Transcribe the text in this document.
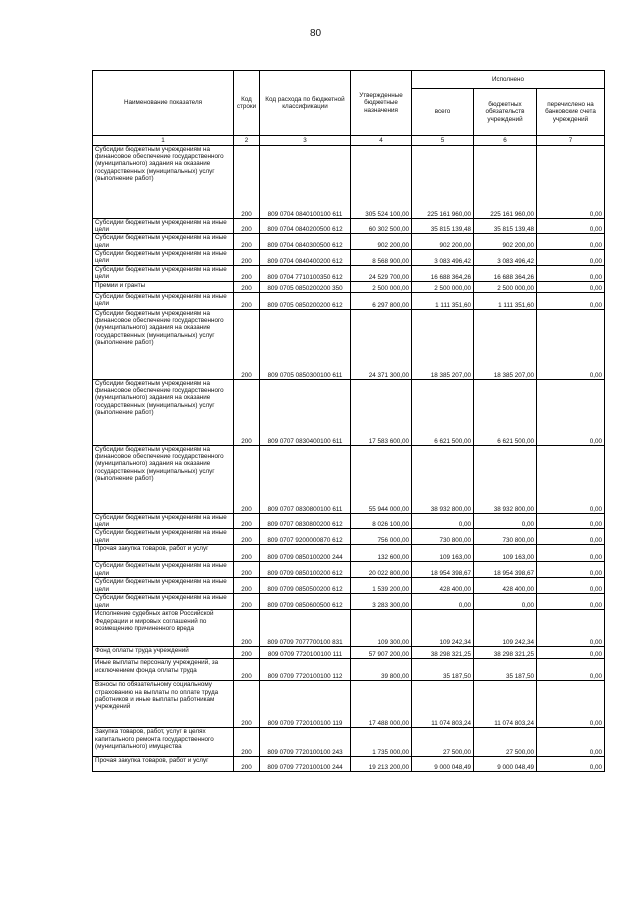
80
Наименование показателя	Код строки	Код расхода по бюджетной классификации	Утвержденные бюджетные назначения	Исполнено		
				всего	бюджетных обязательств учреждений	перечислено на банковские счета учреждений
1	2	3	4	5	6	7
Субсидии бюджетным учреждениям на финансовое обеспечение государственного (муниципального) задания на оказание государственных (муниципальных) услуг (выполнение работ)	200	809 0704 0840100100 611	305 524 100,00	225 161 960,00	225 161 960,00	0,00
Субсидии бюджетным учреждениям на иные цели	200	809 0704 0840200500 612	60 302 500,00	35 815 139,48	35 815 139,48	0,00
Субсидии бюджетным учреждениям на иные цели	200	809 0704 0840300500 612	902 200,00	902 200,00	902 200,00	0,00
Субсидии бюджетным учреждениям на иные цели	200	809 0704 0840400200 612	8 568 900,00	3 083 496,42	3 083 496,42	0,00
Субсидии бюджетным учреждениям на иные цели	200	809 0704 7710100350 612	24 529 700,00	16 688 364,26	16 688 364,26	0,00
Премии и гранты	200	809 0705 0850200200 350	2 500 000,00	2 500 000,00	2 500 000,00	0,00
Субсидии бюджетным учреждениям на иные цели	200	809 0705 0850200200 612	6 297 800,00	1 111 351,60	1 111 351,60	0,00
Субсидии бюджетным учреждениям на финансовое обеспечение государственного (муниципального) задания на оказание государственных (муниципальных) услуг (выполнение работ)	200	809 0705 0850300100 611	24 371 300,00	18 385 207,00	18 385 207,00	0,00
Субсидии бюджетным учреждениям на финансовое обеспечение государственного (муниципального) задания на оказание государственных (муниципальных) услуг (выполнение работ)	200	809 0707 0830400100 611	17 583 600,00	6 621 500,00	6 621 500,00	0,00
Субсидии бюджетным учреждениям на финансовое обеспечение государственного (муниципального) задания на оказание государственных (муниципальных) услуг (выполнение работ)	200	809 0707 0830800100 611	55 944 000,00	38 932 800,00	38 932 800,00	0,00
Субсидии бюджетным учреждениям на иные цели	200	809 0707 0830800200 612	8 026 100,00	0,00	0,00	0,00
Субсидии бюджетным учреждениям на иные цели	200	809 0707 9200000870 612	756 000,00	730 800,00	730 800,00	0,00
Прочая закупка товаров, работ и услуг	200	809 0709 0850100200 244	132 600,00	109 163,00	109 163,00	0,00
Субсидии бюджетным учреждениям на иные цели	200	809 0709 0850100200 612	20 022 800,00	18 954 398,67	18 954 398,67	0,00
Субсидии бюджетным учреждениям на иные цели	200	809 0709 0850500200 612	1 539 200,00	428 400,00	428 400,00	0,00
Субсидии бюджетным учреждениям на иные цели	200	809 0709 0850600500 612	3 283 300,00	0,00	0,00	0,00
Исполнение судебных актов Российской Федерации и мировых соглашений по возмещению причиненного вреда	200	809 0709 7077700100 831	109 300,00	109 242,34	109 242,34	0,00
Фонд оплаты труда учреждений	200	809 0709 7720100100 111	57 907 200,00	38 298 321,25	38 298 321,25	0,00
Иные выплаты персоналу учреждений, за исключением фонда оплаты труда	200	809 0709 7720100100 112	39 800,00	35 187,50	35 187,50	0,00
Взносы по обязательному социальному страхованию на выплаты по оплате труда работников и иные выплаты работникам учреждений	200	809 0709 7720100100 119	17 488 000,00	11 074 803,24	11 074 803,24	0,00
Закупка товаров, работ, услуг в целях капитального ремонта государственного (муниципального) имущества	200	809 0709 7720100100 243	1 735 000,00	27 500,00	27 500,00	0,00
Прочая закупка товаров, работ и услуг	200	809 0709 7720100100 244	19 213 200,00	9 000 048,49	9 000 048,49	0,00
